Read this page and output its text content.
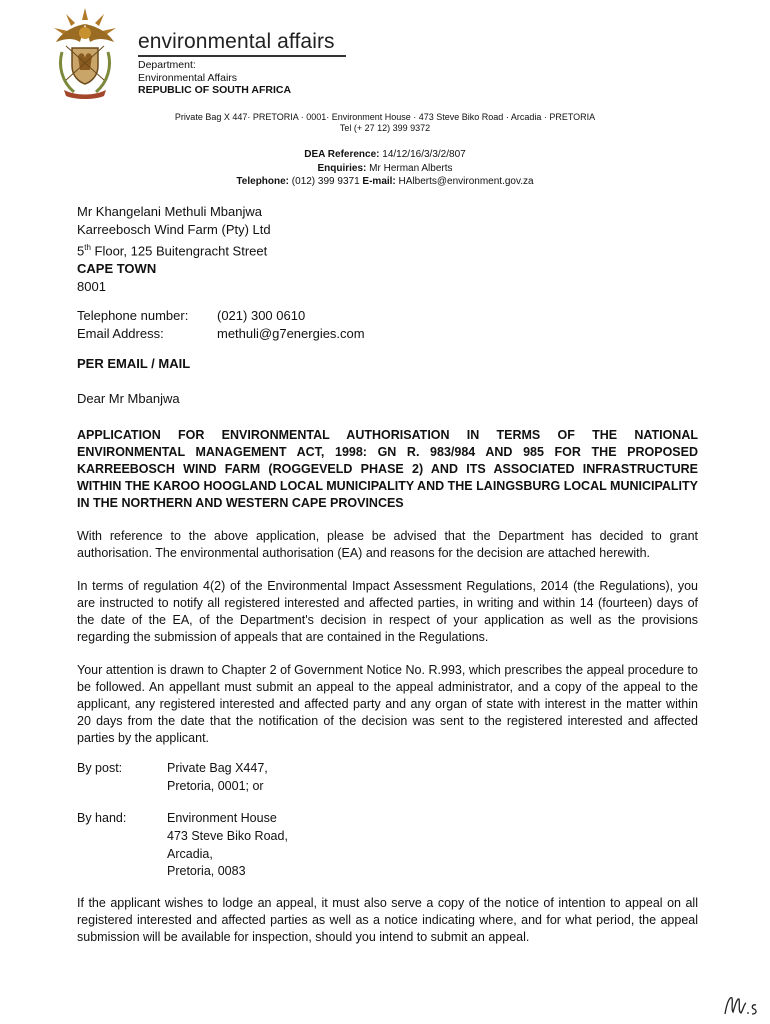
environmental affairs
Department:
Environmental Affairs
REPUBLIC OF SOUTH AFRICA
Private Bag X 447· PRETORIA · 0001· Environment House · 473 Steve Biko Road · Arcadia · PRETORIA
Tel (+ 27 12) 399 9372
DEA Reference: 14/12/16/3/3/2/807
Enquiries: Mr Herman Alberts
Telephone: (012) 399 9371 E-mail: HAlberts@environment.gov.za
Mr Khangelani Methuli Mbanjwa
Karreebosch Wind Farm (Pty) Ltd
5th Floor, 125 Buitengracht Street
CAPE TOWN
8001
Telephone number:	(021) 300 0610
Email Address:	methuli@g7energies.com
PER EMAIL / MAIL
Dear Mr Mbanjwa
APPLICATION FOR ENVIRONMENTAL AUTHORISATION IN TERMS OF THE NATIONAL ENVIRONMENTAL MANAGEMENT ACT, 1998: GN R. 983/984 AND 985 FOR THE PROPOSED KARREEBOSCH WIND FARM (ROGGEVELD PHASE 2) AND ITS ASSOCIATED INFRASTRUCTURE WITHIN THE KAROO HOOGLAND LOCAL MUNICIPALITY AND THE LAINGSBURG LOCAL MUNICIPALITY IN THE NORTHERN AND WESTERN CAPE PROVINCES
With reference to the above application, please be advised that the Department has decided to grant authorisation. The environmental authorisation (EA) and reasons for the decision are attached herewith.
In terms of regulation 4(2) of the Environmental Impact Assessment Regulations, 2014 (the Regulations), you are instructed to notify all registered interested and affected parties, in writing and within 14 (fourteen) days of the date of the EA, of the Department's decision in respect of your application as well as the provisions regarding the submission of appeals that are contained in the Regulations.
Your attention is drawn to Chapter 2 of Government Notice No. R.993, which prescribes the appeal procedure to be followed. An appellant must submit an appeal to the appeal administrator, and a copy of the appeal to the applicant, any registered interested and affected party and any organ of state with interest in the matter within 20 days from the date that the notification of the decision was sent to the registered interested and affected parties by the applicant.
By post:	Private Bag X447,
Pretoria, 0001; or
By hand:	Environment House
473 Steve Biko Road,
Arcadia,
Pretoria, 0083
If the applicant wishes to lodge an appeal, it must also serve a copy of the notice of intention to appeal on all registered interested and affected parties as well as a notice indicating where, and for what period, the appeal submission will be available for inspection, should you intend to submit an appeal.
